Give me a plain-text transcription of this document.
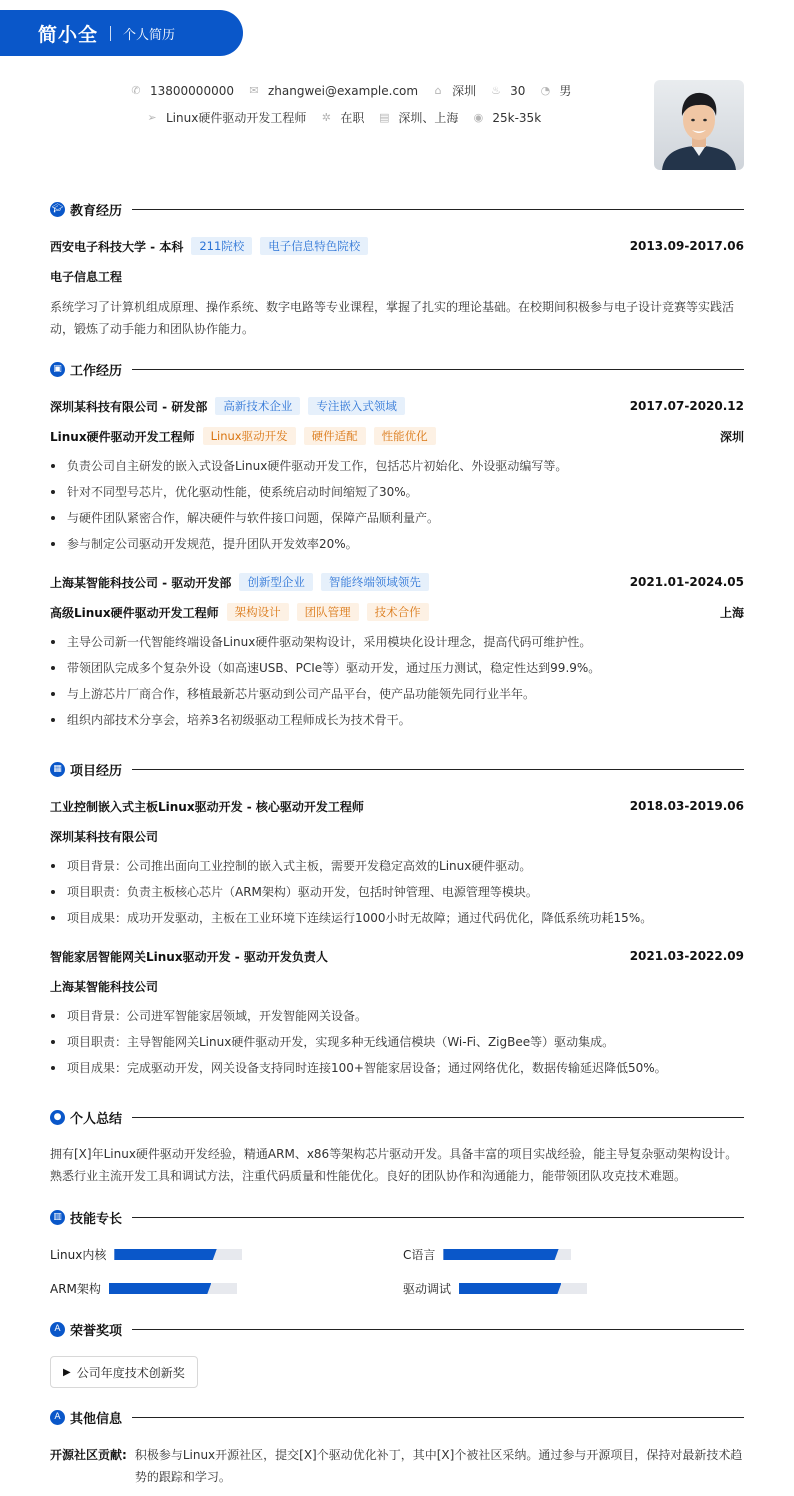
简小全 个人简历
✆ 13800000000 ✉ zhangwei@example.com ⌂ 深圳 ♨ 30 ◔ 男
➢ Linux硬件驱动开发工程师 ✲ 在职 ▤ 深圳、上海 ◉ 25k-35k
🎓︎ 教育经历
西安电子科技大学 - 本科	211院校	电子信息特色院校	2013.09-2017.06
电子信息工程
系统学习了计算机组成原理、操作系统、数字电路等专业课程，掌握了扎实的理论基础。在校期间积极参与电子设计竞赛等实践活动，锻炼了动手能力和团队协作能力。
▣ 工作经历
深圳某科技有限公司 - 研发部	高新技术企业	专注嵌入式领域	2017.07-2020.12
Linux硬件驱动开发工程师	Linux驱动开发	硬件适配	性能优化	深圳
负责公司自主研发的嵌入式设备Linux硬件驱动开发工作，包括芯片初始化、外设驱动编写等。
针对不同型号芯片，优化驱动性能，使系统启动时间缩短了30%。
与硬件团队紧密合作，解决硬件与软件接口问题，保障产品顺利量产。
参与制定公司驱动开发规范，提升团队开发效率20%。
上海某智能科技公司 - 驱动开发部	创新型企业	智能终端领域领先	2021.01-2024.05
高级Linux硬件驱动开发工程师	架构设计	团队管理	技术合作	上海
主导公司新一代智能终端设备Linux硬件驱动架构设计，采用模块化设计理念，提高代码可维护性。
带领团队完成多个复杂外设（如高速USB、PCIe等）驱动开发，通过压力测试，稳定性达到99.9%。
与上游芯片厂商合作，移植最新芯片驱动到公司产品平台，使产品功能领先同行业半年。
组织内部技术分享会，培养3名初级驱动工程师成长为技术骨干。
▦ 项目经历
工业控制嵌入式主板Linux驱动开发 - 核心驱动开发工程师	2018.03-2019.06
深圳某科技有限公司
项目背景：公司推出面向工业控制的嵌入式主板，需要开发稳定高效的Linux硬件驱动。
项目职责：负责主板核心芯片（ARM架构）驱动开发，包括时钟管理、电源管理等模块。
项目成果：成功开发驱动，主板在工业环境下连续运行1000小时无故障；通过代码优化，降低系统功耗15%。
智能家居智能网关Linux驱动开发 - 驱动开发负责人	2021.03-2022.09
上海某智能科技公司
项目背景：公司进军智能家居领域，开发智能网关设备。
项目职责：主导智能网关Linux硬件驱动开发，实现多种无线通信模块（Wi-Fi、ZigBee等）驱动集成。
项目成果：完成驱动开发，网关设备支持同时连接100+智能家居设备；通过网络优化，数据传输延迟降低50%。
● 个人总结
拥有[X]年Linux硬件驱动开发经验，精通ARM、x86等架构芯片驱动开发。具备丰富的项目实战经验，能主导复杂驱动架构设计。
熟悉行业主流开发工具和调试方法，注重代码质量和性能优化。良好的团队协作和沟通能力，能带领团队攻克技术难题。
▥ 技能专长
Linux内核	C语言
ARM架构	驱动调试
A 荣誉奖项
▶ 公司年度技术创新奖
A 其他信息
开源社区贡献: 积极参与Linux开源社区，提交[X]个驱动优化补丁，其中[X]个被社区采纳。通过参与开源项目，保持对最新技术趋势的跟踪和学习。
